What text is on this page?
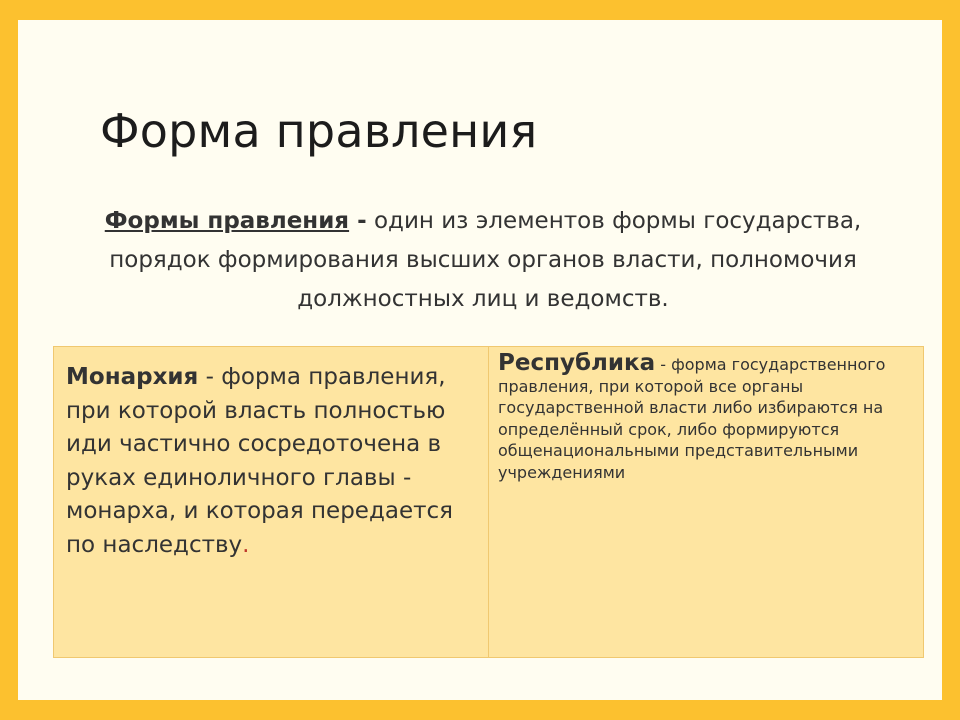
Форма правления
Формы правления - один из элементов формы государства, порядок формирования высших органов власти, полномочия должностных лиц и ведомств.
Монархия - форма правления, при которой власть полностью иди частично сосредоточена в руках единоличного главы - монарха, и которая передается по наследству.
Республика - форма государственного правления, при которой все органы государственной власти либо избираются на определённый срок, либо формируются общенациональными представительными учреждениями
